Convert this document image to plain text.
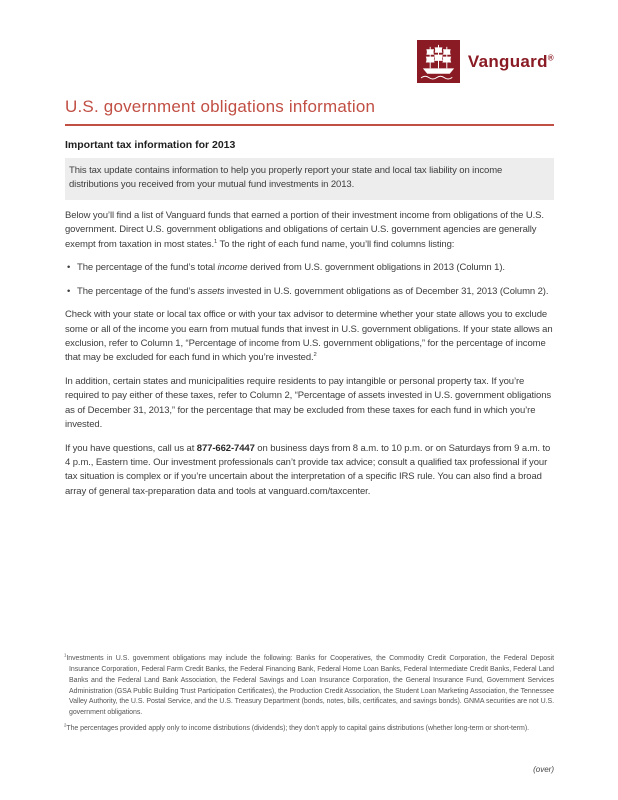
Vanguard®
U.S. government obligations information
Important tax information for 2013

This tax update contains information to help you properly report your state and local tax liability on income distributions you received from your mutual fund investments in 2013.

Below you’ll find a list of Vanguard funds that earned a portion of their investment income from obligations of the U.S. government. Direct U.S. government obligations and obligations of certain U.S. government agencies are generally exempt from taxation in most states.$^1$ To the right of each fund name, you’ll find columns listing:

• The percentage of the fund’s total income derived from U.S. government obligations in 2013 (Column 1).
• The percentage of the fund’s assets invested in U.S. government obligations as of December 31, 2013 (Column 2).

Check with your state or local tax office or with your tax advisor to determine whether your state allows you to exclude some or all of the income you earn from mutual funds that invest in U.S. government obligations. If your state allows an exclusion, refer to Column 1, “Percentage of income from U.S. government obligations,” for the percentage of income that may be excluded for each fund in which you’re invested.$^2$

In addition, certain states and municipalities require residents to pay intangible or personal property tax. If you’re required to pay either of these taxes, refer to Column 2, “Percentage of assets invested in U.S. government obligations as of December 31, 2013,” for the percentage that may be excluded from these taxes for each fund in which you’re invested.

If you have questions, call us at 877-662-7447 on business days from 8 a.m. to 10 p.m. or on Saturdays from 9 a.m. to 4 p.m., Eastern time. Our investment professionals can’t provide tax advice; consult a qualified tax professional if your tax situation is complex or if you’re uncertain about the interpretation of a specific IRS rule. You can also find a broad array of general tax-preparation data and tools at vanguard.com/taxcenter.

$^1$Investments in U.S. government obligations may include the following: Banks for Cooperatives, the Commodity Credit Corporation, the Federal Deposit Insurance Corporation, Federal Farm Credit Banks, the Federal Financing Bank, Federal Home Loan Banks, Federal Intermediate Credit Banks, Federal Land Banks and the Federal Land Bank Association, the Federal Savings and Loan Insurance Corporation, the General Insurance Fund, Government Services Administration (GSA Public Building Trust Participation Certificates), the Production Credit Association, the Student Loan Marketing Association, the Tennessee Valley Authority, the U.S. Postal Service, and the U.S. Treasury Department (bonds, notes, bills, certificates, and savings bonds). GNMA securities are not U.S. government obligations.

$^2$The percentages provided apply only to income distributions (dividends); they don’t apply to capital gains distributions (whether long-term or short-term).

(over)
